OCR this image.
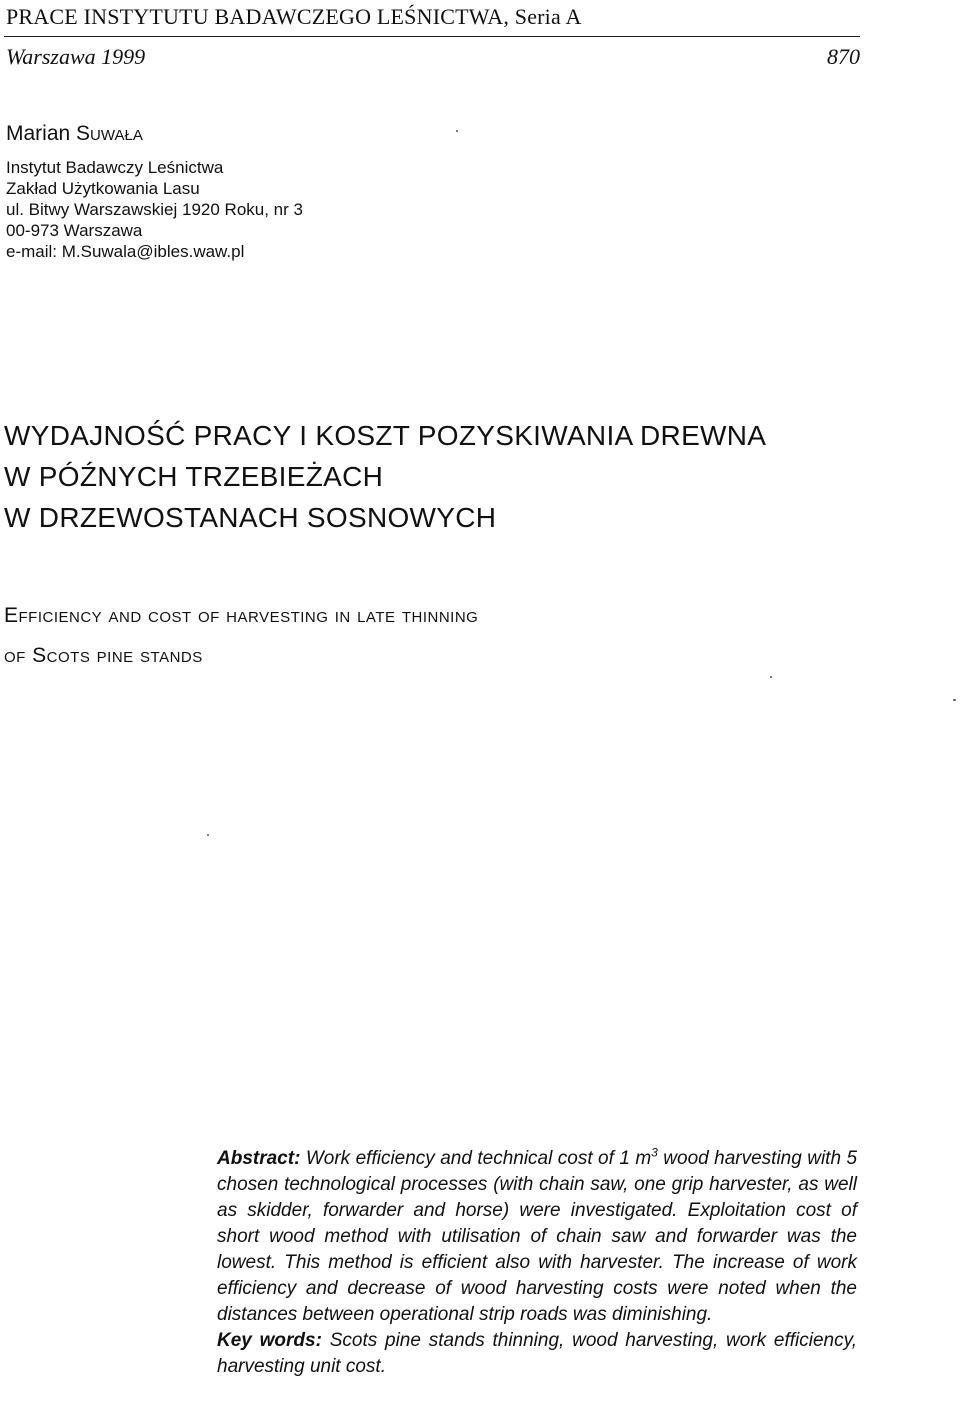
PRACE INSTYTUTU BADAWCZEGO LEŚNICTWA, Seria A
Warszawa 1999	870
Marian Suwała
Instytut Badawczy Leśnictwa
Zakład Użytkowania Lasu
ul. Bitwy Warszawskiej 1920 Roku, nr 3
00-973 Warszawa
e-mail: M.Suwala@ibles.waw.pl
WYDAJNOŚĆ PRACY I KOSZT POZYSKIWANIA DREWNA
W PÓŹNYCH TRZEBIEŻACH
W DRZEWOSTANACH SOSNOWYCH
Efficiency and cost of harvesting in late thinning
of Scots pine stands

Abstract: Work efficiency and technical cost of 1 $m^3$ wood harvesting with 5 chosen technological processes (with chain saw, one grip harvester, as well as skidder, forwarder and horse) were investigated. Exploitation cost of short wood method with utilisation of chain saw and forwarder was the lowest. This method is efficient also with harvester. The increase of work efficiency and decrease of wood harvesting costs were noted when the distances between operational strip roads was diminishing.

Key words: Scots pine stands thinning, wood harvesting, work efficiency, harvesting unit cost.
